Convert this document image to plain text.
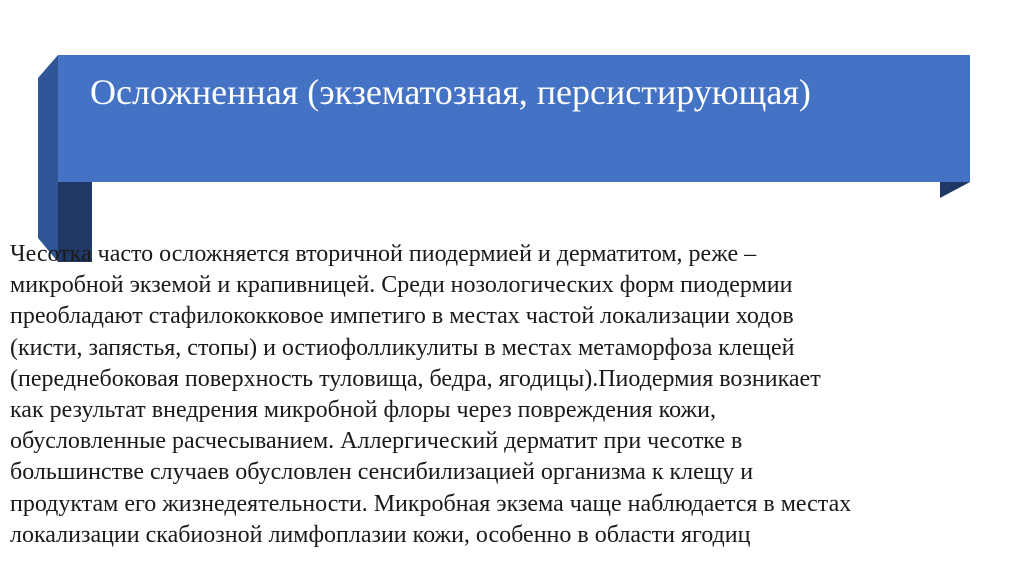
Осложненная (экзематозная, персистирующая)

Чесотка часто осложняется вторичной пиодермией и дерматитом, реже –
микробной экземой и крапивницей. Среди нозологических форм пиодермии
преобладают стафилококковое импетиго в местах частой локализации ходов
(кисти, запястья, стопы) и остиофолликулиты в местах метаморфоза клещей
(переднебоковая поверхность туловища, бедра, ягодицы).Пиодермия возникает
как результат внедрения микробной флоры через повреждения кожи,
обусловленные расчесыванием. Аллергический дерматит при чесотке в
большинстве случаев обусловлен сенсибилизацией организма к клещу и
продуктам его жизнедеятельности. Микробная экзема чаще наблюдается в местах
локализации скабиозной лимфоплазии кожи, особенно в области ягодиц
